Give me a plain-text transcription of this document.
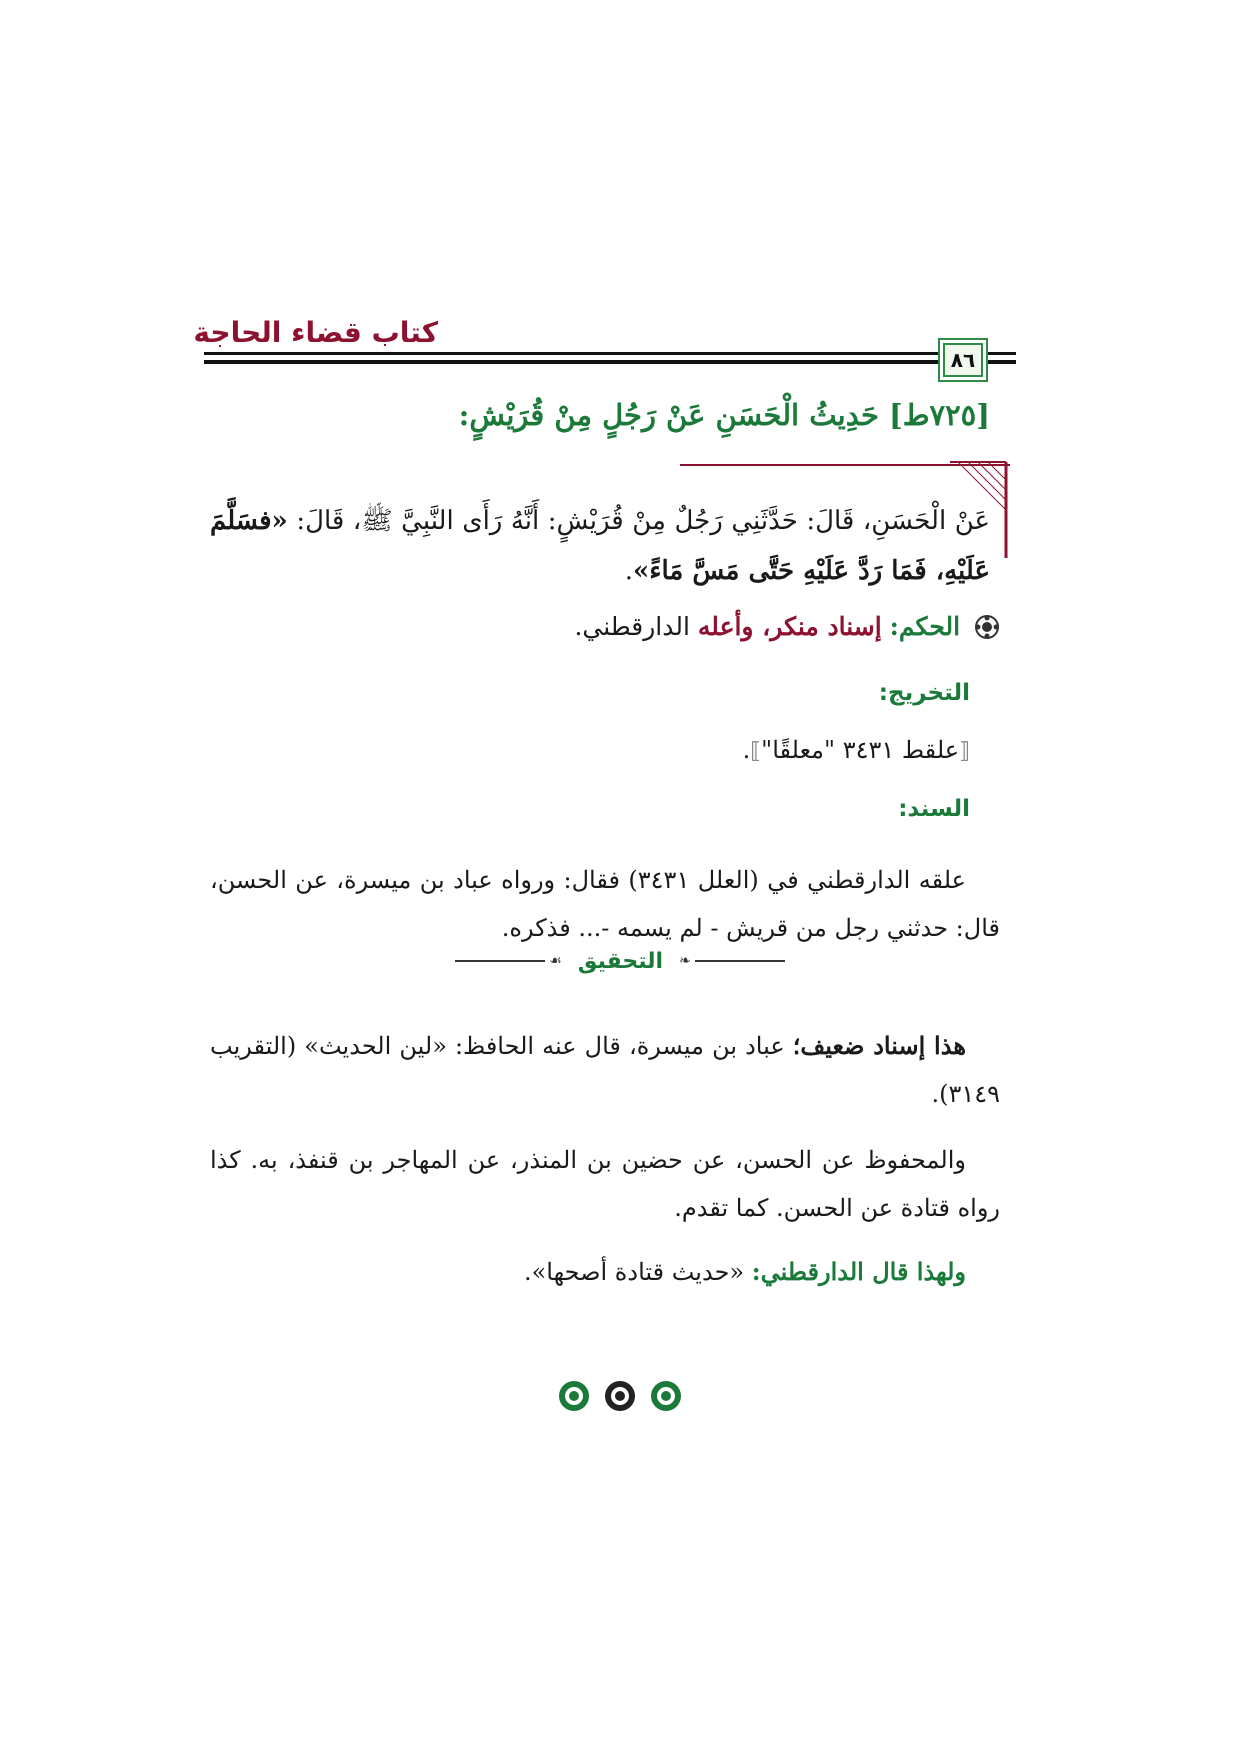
كتاب قضاء الحاجة
٨٦
[٧٢٥ط] حَدِيثُ الْحَسَنِ عَنْ رَجُلٍ مِنْ قُرَيْشٍ:
عَنْ الْحَسَنِ، قَالَ: حَدَّثَنِي رَجُلٌ مِنْ قُرَيْشٍ: أَنَّهُ رَأَى النَّبِيَّ ﷺ، قَالَ: «فسَلَّمَ عَلَيْهِ، فَمَا رَدَّ عَلَيْهِ حَتَّى مَسَّ مَاءً».
الحكم: إسناد منكر، وأعله الدارقطني.
التخريج:
⟦علقط ٣٤٣١ "معلقًا"⟧.
السند:
علقه الدارقطني في (العلل ٣٤٣١) فقال: ورواه عباد بن ميسرة، عن الحسن، قال: حدثني رجل من قريش - لم يسمه -... فذكره.
❧
التحقيق
☙
هذا إسناد ضعيف؛ عباد بن ميسرة، قال عنه الحافظ: «لين الحديث» (التقريب ٣١٤٩).
والمحفوظ عن الحسن، عن حضين بن المنذر، عن المهاجر بن قنفذ، به. كذا رواه قتادة عن الحسن. كما تقدم.
ولهذا قال الدارقطني: «حديث قتادة أصحها».
